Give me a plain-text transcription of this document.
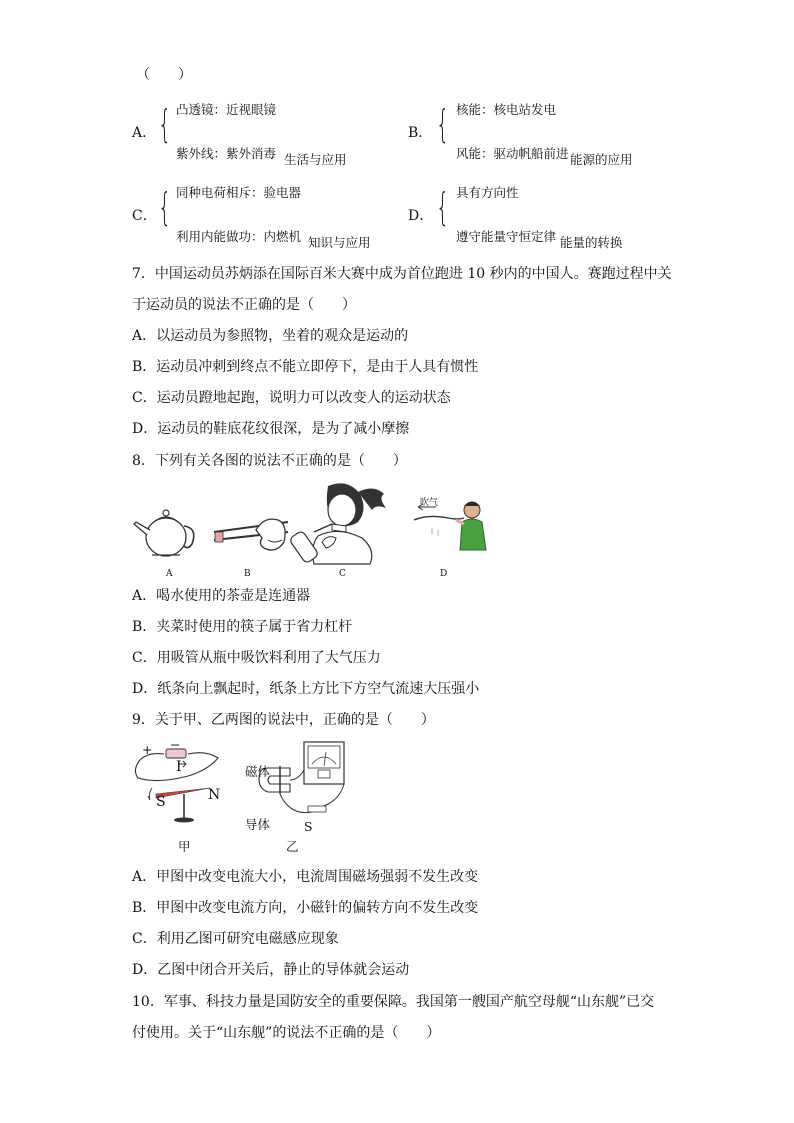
（　　）
A． { 凸透镜：近视眼镜
紫外线：紫外消毒 生活与应用
B． { 核能：核电站发电
风能：驱动帆船前进 能源的应用
C． { 同种电荷相斥：验电器
利用内能做功：内燃机 知识与应用
D． { 具有方向性
遵守能量守恒定律 能量的转换
7．中国运动员苏炳添在国际百米大赛中成为首位跑进 10 秒内的中国人。赛跑过程中关
于运动员的说法不正确的是（　　）
A．以运动员为参照物，坐着的观众是运动的
B．运动员冲刺到终点不能立即停下，是由于人具有惯性
C．运动员蹬地起跑，说明力可以改变人的运动状态
D．运动员的鞋底花纹很深，是为了减小摩擦
8．下列有关各图的说法不正确的是（　　）
A	B	C
吹气
D
A．喝水使用的茶壶是连通器
B．夹菜时使用的筷子属于省力杠杆
C．用吸管从瓶中吸饮料利用了大气压力
D．纸条向上飘起时，纸条上方比下方空气流速大压强小
9．关于甲、乙两图的说法中，正确的是（　　）
+ −
I
S	N
甲
磁体
导体	S
乙
A．甲图中改变电流大小，电流周围磁场强弱不发生改变
B．甲图中改变电流方向，小磁针的偏转方向不发生改变
C．利用乙图可研究电磁感应现象
D．乙图中闭合开关后，静止的导体就会运动
10．军事、科技力量是国防安全的重要保障。我国第一艘国产航空母舰“山东舰”已交
付使用。关于“山东舰”的说法不正确的是（　　）
